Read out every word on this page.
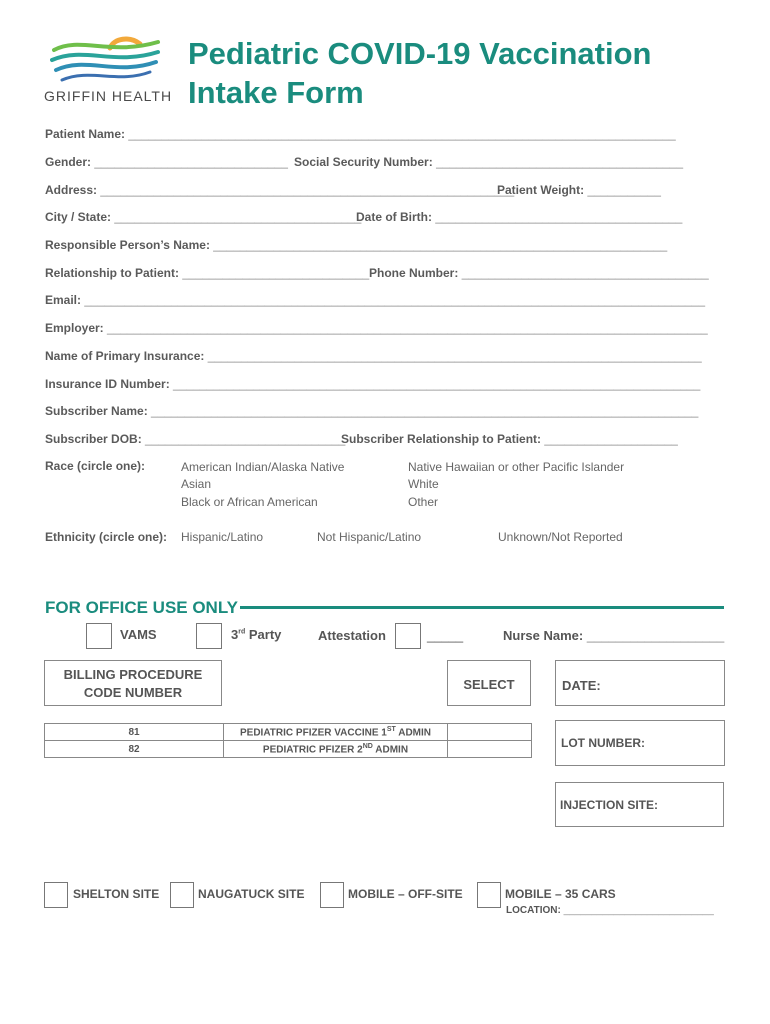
GRIFFIN HEALTH
Pediatric COVID-19 Vaccination
Intake Form
Patient Name: __________________________________________________________________________________
Gender: _____________________________ Social Security Number: _____________________________________
Address: ______________________________________________________________
Patient Weight: ___________
City / State: _____________________________________
Date of Birth: _____________________________________
Responsible Person’s Name: ____________________________________________________________________
Relationship to Patient: ____________________________ Phone Number: _____________________________________
Email: _____________________________________________________________________________________________
Employer: __________________________________________________________________________________________
Name of Primary Insurance: __________________________________________________________________________
Insurance ID Number: _______________________________________________________________________________
Subscriber Name: __________________________________________________________________________________
Subscriber DOB: ______________________________
Subscriber Relationship to Patient: ____________________
Race (circle one):	American Indian/Alaska Native
Asian
Black or African American
Native Hawaiian or other Pacific Islander
White
Other
Ethnicity (circle one): Hispanic/Latino	Not Hispanic/Latino	Unknown/Not Reported
FOR OFFICE USE ONLY
VAMS	3rd Party	Attestation	_____	Nurse Name: ___________________
BILLING PROCEDURE
CODE NUMBER
SELECT	DATE:
81	PEDIATRIC PFIZER VACCINE 1ST ADMIN	
82	PEDIATRIC PFIZER 2ND ADMIN		LOT NUMBER:
INJECTION SITE:
SHELTON SITE	NAUGATUCK SITE	MOBILE – OFF-SITE	MOBILE – 35 CARS
LOCATION: ___________________________
